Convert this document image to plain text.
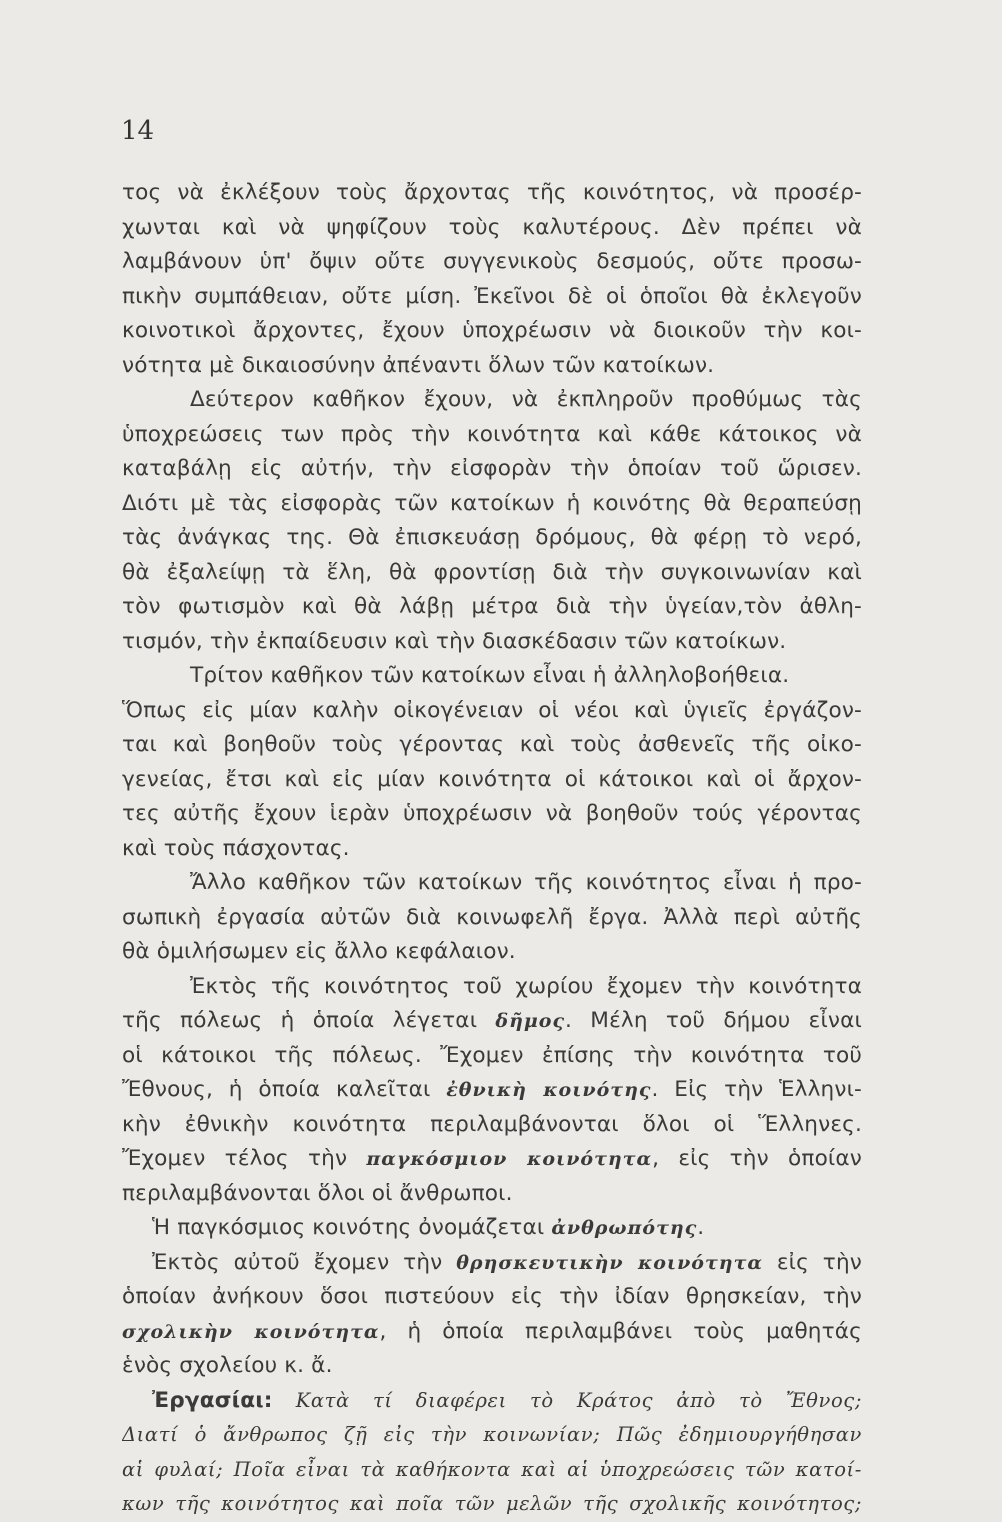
14
τος νὰ ἐκλέξουν τοὺς ἄρχοντας τῆς κοινότητος, νὰ προσέρ-
χωνται καὶ νὰ ψηφίζουν τοὺς καλυτέρους. Δὲν πρέπει νὰ
λαμβάνουν ὑπ' ὄψιν οὔτε συγγενικοὺς δεσμούς, οὔτε προσω-
πικὴν συμπάθειαν, οὔτε μίση. Ἐκεῖνοι δὲ οἱ ὁποῖοι θὰ ἐκλεγοῦν
κοινοτικοὶ ἄρχοντες, ἔχουν ὑποχρέωσιν νὰ διοικοῦν τὴν κοι-
νότητα μὲ δικαιοσύνην ἀπέναντι ὅλων τῶν κατοίκων.
Δεύτερον καθῆκον ἔχουν, νὰ ἐκπληροῦν προθύμως τὰς
ὑποχρεώσεις των πρὸς τὴν κοινότητα καὶ κάθε κάτοικος νὰ
καταβάλῃ εἰς αὐτήν, τὴν εἰσφορὰν τὴν ὁποίαν τοῦ ὥρισεν.
Διότι μὲ τὰς εἰσφορὰς τῶν κατοίκων ἡ κοινότης θὰ θεραπεύσῃ
τὰς ἀνάγκας της. Θὰ ἐπισκευάσῃ δρόμους, θὰ φέρῃ τὸ νερό,
θὰ ἐξαλείψῃ τὰ ἕλη, θὰ φροντίσῃ διὰ τὴν συγκοινωνίαν καὶ
τὸν φωτισμὸν καὶ θὰ λάβῃ μέτρα διὰ τὴν ὑγείαν,τὸν ἀθλη-
τισμόν, τὴν ἐκπαίδευσιν καὶ τὴν διασκέδασιν τῶν κατοίκων.
Τρίτον καθῆκον τῶν κατοίκων εἶναι ἡ ἀλληλοβοήθεια.
Ὅπως εἰς μίαν καλὴν οἰκογένειαν οἱ νέοι καὶ ὑγιεῖς ἐργάζον-
ται καὶ βοηθοῦν τοὺς γέροντας καὶ τοὺς ἀσθενεῖς τῆς οἰκο-
γενείας, ἔτσι καὶ εἰς μίαν κοινότητα οἱ κάτοικοι καὶ οἱ ἄρχον-
τες αὐτῆς ἔχουν ἱερὰν ὑποχρέωσιν νὰ βοηθοῦν τούς γέροντας
καὶ τοὺς πάσχοντας.
Ἄλλο καθῆκον τῶν κατοίκων τῆς κοινότητος εἶναι ἡ προ-
σωπικὴ ἐργασία αὐτῶν διὰ κοινωφελῆ ἔργα. Ἀλλὰ περὶ αὐτῆς
θὰ ὁμιλήσωμεν εἰς ἄλλο κεφάλαιον.
Ἐκτὸς τῆς κοινότητος τοῦ χωρίου ἔχομεν τὴν κοινότητα
τῆς πόλεως ἡ ὁποία λέγεται δῆμος. Μέλη τοῦ δήμου εἶναι
οἱ κάτοικοι τῆς πόλεως. Ἔχομεν ἐπίσης τὴν κοινότητα τοῦ
Ἔθνους, ἡ ὁποία καλεῖται ἐθνικὴ κοινότης. Εἰς τὴν Ἑλληνι-
κὴν ἐθνικὴν κοινότητα περιλαμβάνονται ὅλοι οἱ Ἕλληνες.
Ἔχομεν τέλος τὴν παγκόσμιον κοινότητα, εἰς τὴν ὁποίαν
περιλαμβάνονται ὅλοι οἱ ἄνθρωποι.
Ἡ παγκόσμιος κοινότης ὀνομάζεται ἀνθρωπότης.
Ἐκτὸς αὐτοῦ ἔχομεν τὴν θρησκευτικὴν κοινότητα εἰς τὴν
ὁποίαν ἀνήκουν ὅσοι πιστεύουν εἰς τὴν ἰδίαν θρησκείαν, τὴν
σχολικὴν κοινότητα, ἡ ὁποία περιλαμβάνει τοὺς μαθητάς
ἑνὸς σχολείου κ. ἄ.
Ἐργασίαι: Κατὰ τί διαφέρει τὸ Κράτος ἀπὸ τὸ Ἔθνος;
Διατί ὁ ἄνθρωπος ζῇ εἰς τὴν κοινωνίαν; Πῶς ἐδημιουργήθησαν
αἱ φυλαί; Ποῖα εἶναι τὰ καθήκοντα καὶ αἱ ὑποχρεώσεις τῶν κατοί-
κων τῆς κοινότητος καὶ ποῖα τῶν μελῶν τῆς σχολικῆς κοινότητος;
